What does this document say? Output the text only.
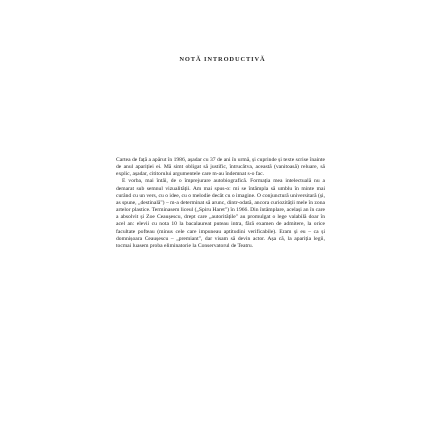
NOTĂ INTRODUCTIVĂ

Cartea de față a apărut în 1986, așadar cu 37 de ani în urmă, și cuprinde și texte scrise înainte de anul apariției ei. Mă simt obligat să justific, întrucâtva, această (vanitoasă) reluare, să explic, așadar, cititorului argumentele care m-au îndemnat s-o fac.

E vorba, mai întâi, de o împrejurare autobiografică. Formația mea intelectuală nu a demarat sub semnul vizualității. Am mai spus-o: mi se întâmpla să umblu în minte mai curând cu un vers, cu o idee, cu o melodie decât cu o imagine. O conjunctură universitară (și, as spune, „destinală") – m-a determinat să arunc, dintr-odată, ancora curiozității mele în zona artelor plastice. Terminasem liceul („Spiru Haret") în 1966. Din întâmplare, același an în care a absolvit și Zoe Ceaușescu, drept care „autoritățile" au promulgat o lege valabilă doar în acel an: elevii cu nota 10 la bacalaureat puteau intra, fără examen de admitere, la orice facultate pofteau (minus cele care impuneau aptitudini verificabile). Eram și eu – ca și domnișoara Ceaușescu – „premiant", dar visam să devin actor. Așa că, la apariția legii, tocmai luasem proba eliminatorie la Conservatorul de Teatru.
